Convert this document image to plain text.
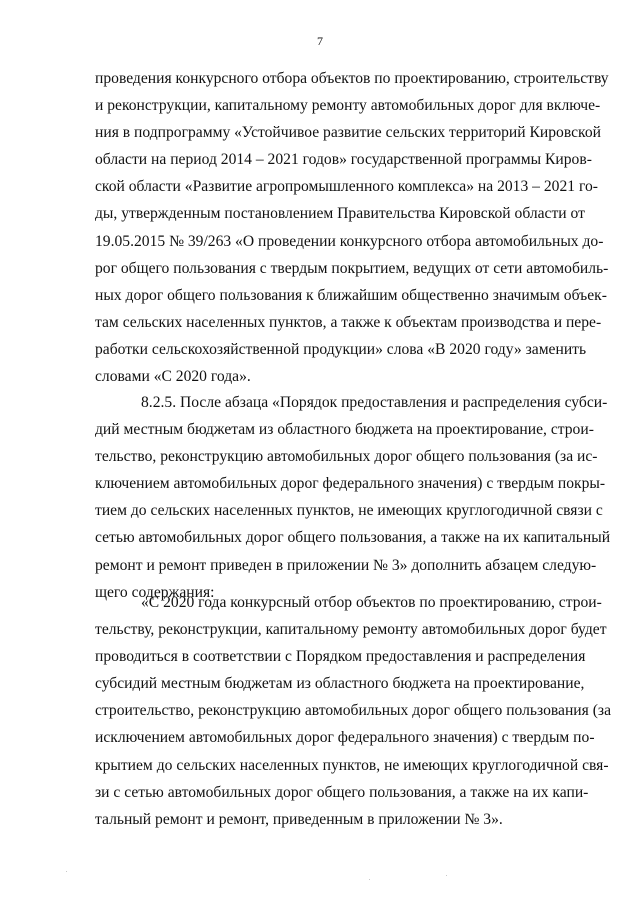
7
проведения конкурсного отбора объектов по проектированию, строительству
и реконструкции, капитальному ремонту автомобильных дорог для включе-
ния в подпрограмму «Устойчивое развитие сельских территорий Кировской
области на период 2014 – 2021 годов» государственной программы Киров-
ской области «Развитие агропромышленного комплекса» на 2013 – 2021 го-
ды, утвержденным постановлением Правительства Кировской области от
19.05.2015 № 39/263 «О проведении конкурсного отбора автомобильных до-
рог общего пользования с твердым покрытием, ведущих от сети автомобиль-
ных дорог общего пользования к ближайшим общественно значимым объек-
там сельских населенных пунктов, а также к объектам производства и пере-
работки сельскохозяйственной продукции» слова «В 2020 году» заменить
словами «С 2020 года».
8.2.5. После абзаца «Порядок предоставления и распределения субси-
дий местным бюджетам из областного бюджета на проектирование, строи-
тельство, реконструкцию автомобильных дорог общего пользования (за ис-
ключением автомобильных дорог федерального значения) с твердым покры-
тием до сельских населенных пунктов, не имеющих круглогодичной связи с
сетью автомобильных дорог общего пользования, а также на их капитальный
ремонт и ремонт приведен в приложении № 3» дополнить абзацем следую-
щего содержания:
«С 2020 года конкурсный отбор объектов по проектированию, строи-
тельству, реконструкции, капитальному ремонту автомобильных дорог будет
проводиться в соответствии с Порядком предоставления и распределения
субсидий местным бюджетам из областного бюджета на проектирование,
строительство, реконструкцию автомобильных дорог общего пользования (за
исключением автомобильных дорог федерального значения) с твердым по-
крытием до сельских населенных пунктов, не имеющих круглогодичной свя-
зи с сетью автомобильных дорог общего пользования, а также на их капи-
тальный ремонт и ремонт, приведенным в приложении № 3».
